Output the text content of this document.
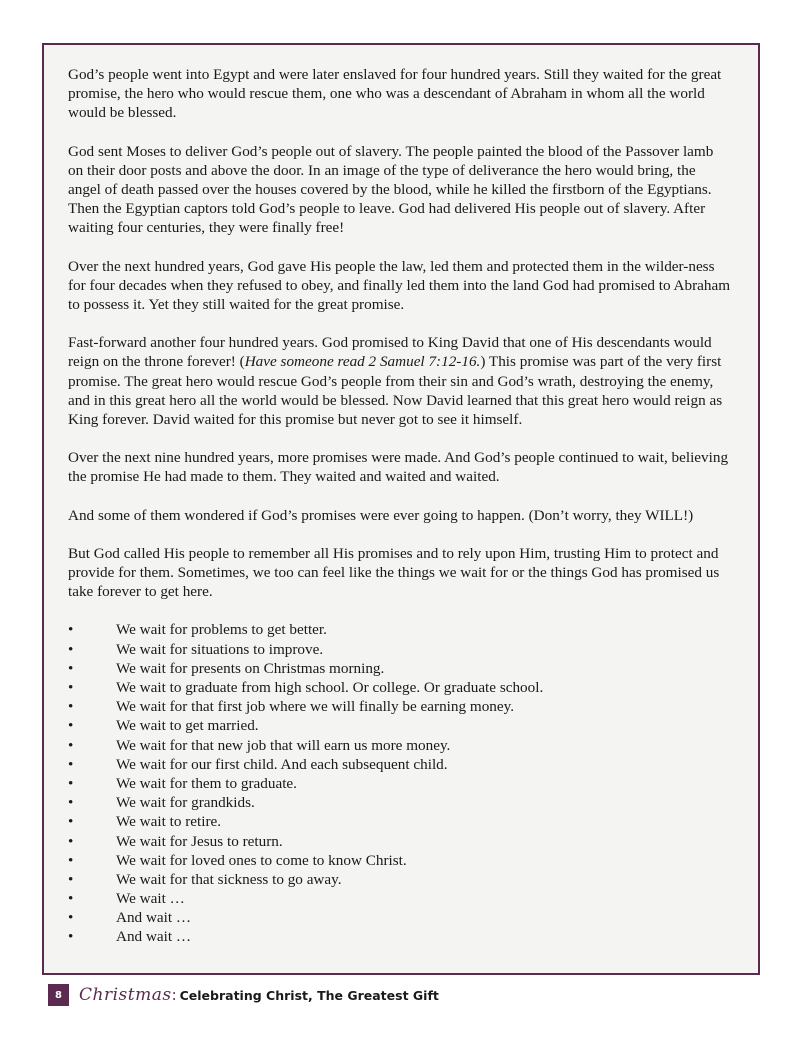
God’s people went into Egypt and were later enslaved for four hundred years. Still they waited for the great promise, the hero who would rescue them, one who was a descendant of Abraham in whom all the world would be blessed.

God sent Moses to deliver God’s people out of slavery. The people painted the blood of the Passover lamb on their door posts and above the door. In an image of the type of deliverance the hero would bring, the angel of death passed over the houses covered by the blood, while he killed the firstborn of the Egyptians. Then the Egyptian captors told God’s people to leave. God had delivered His people out of slavery. After waiting four centuries, they were finally free!

Over the next hundred years, God gave His people the law, led them and protected them in the wilder-ness for four decades when they refused to obey, and finally led them into the land God had promised to Abraham to possess it. Yet they still waited for the great promise.

Fast-forward another four hundred years. God promised to King David that one of His descendants would reign on the throne forever! (Have someone read 2 Samuel 7:12-16.) This promise was part of the very first promise. The great hero would rescue God’s people from their sin and God’s wrath, destroying the enemy, and in this great hero all the world would be blessed. Now David learned that this great hero would reign as King forever. David waited for this promise but never got to see it himself.

Over the next nine hundred years, more promises were made. And God’s people continued to wait, believing the promise He had made to them. They waited and waited and waited.

And some of them wondered if God’s promises were ever going to happen. (Don’t worry, they WILL!)

But God called His people to remember all His promises and to rely upon Him, trusting Him to protect and provide for them. Sometimes, we too can feel like the things we wait for or the things God has promised us take forever to get here.

•	We wait for problems to get better.
•	We wait for situations to improve.
•	We wait for presents on Christmas morning.
•	We wait to graduate from high school. Or college. Or graduate school.
•	We wait for that first job where we will finally be earning money.
•	We wait to get married.
•	We wait for that new job that will earn us more money.
•	We wait for our first child. And each subsequent child.
•	We wait for them to graduate.
•	We wait for grandkids.
•	We wait to retire.
•	We wait for Jesus to return.
•	We wait for loved ones to come to know Christ.
•	We wait for that sickness to go away.
•	We wait …
•	And wait …
•	And wait …
8	Christmas : Celebrating Christ, The Greatest Gift
